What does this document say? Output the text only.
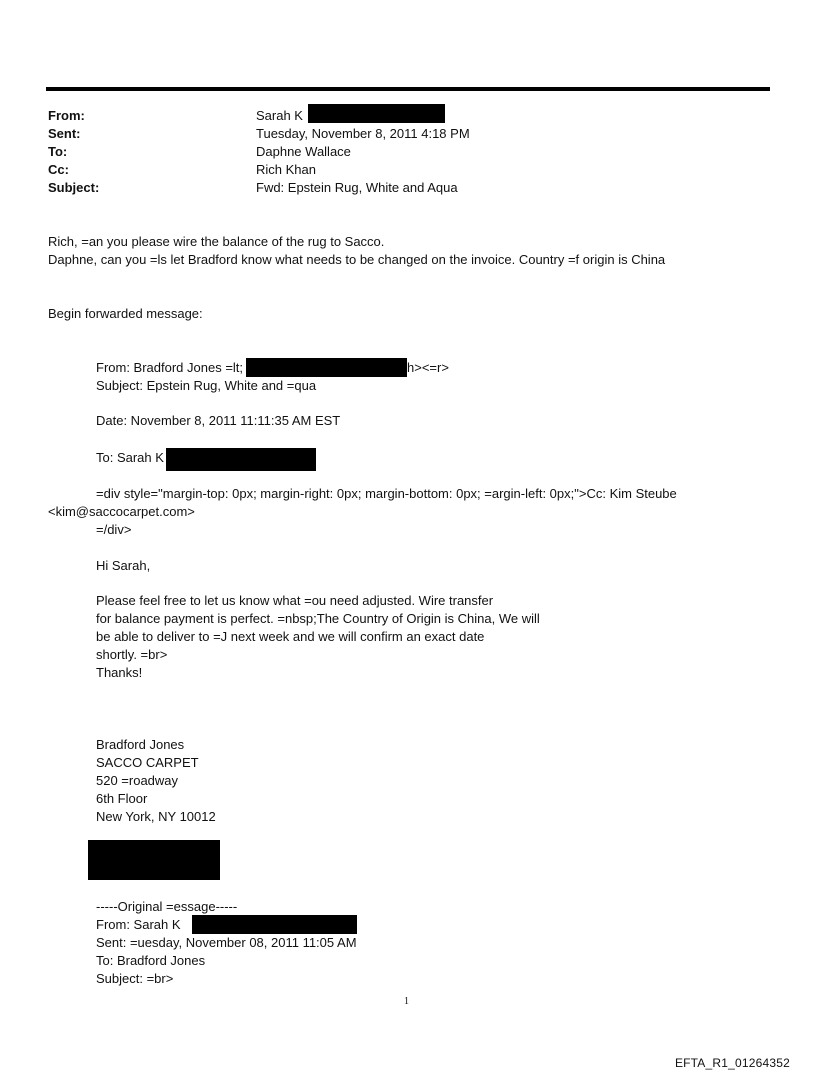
From:	Sarah K
Sent:	Tuesday, November 8, 2011 4:18 PM
To:	Daphne Wallace
Cc:	Rich Khan
Subject:	Fwd: Epstein Rug, White and Aqua
Rich, =an you please wire the balance of the rug to Sacco.
Daphne, can you =ls let Bradford know what needs to be changed on the invoice. Country =f origin is China
Begin forwarded message:
From: Bradford Jones =lt;	h><=r>
Subject: Epstein Rug, White and =qua
Date: November 8, 2011 11:11:35 AM EST
To: Sarah K
=div style="margin-top: 0px; margin-right: 0px; margin-bottom: 0px; =argin-left: 0px;">Cc: Kim Steube
<kim@saccocarpet.com>
=/div>
Hi Sarah,
Please feel free to let us know what =ou need adjusted. Wire transfer
for balance payment is perfect. =nbsp;The Country of Origin is China, We will
be able to deliver to =J next week and we will confirm an exact date
shortly. =br>
Thanks!
Bradford Jones
SACCO CARPET
520 =roadway
6th Floor
New York, NY 10012
-----Original =essage-----
From: Sarah K
Sent: =uesday, November 08, 2011 11:05 AM
To: Bradford Jones
Subject: =br>
1
EFTA_R1_01264352
